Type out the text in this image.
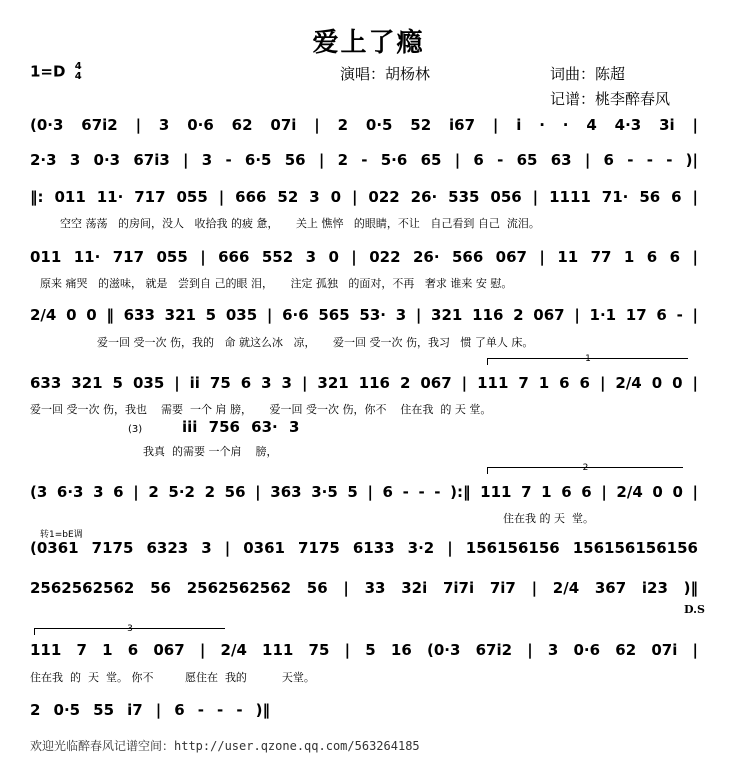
爱上了瘾
1=D 4
4	演唱：胡杨林	词曲：陈超
记谱：桃李醉春风
(0·3 67i2 | 3 0·6 62 07i | 2 0·5 52 i67 | i · · 4 4·3 3i |
2·3 3 0·3 67i3 | 3 - 6·5 56 | 2 - 5·6 65 | 6 - 65 63 | 6 - - - )|
‖: 011 11· 717 055 | 666 52 3 0 | 022 26· 535 056 | 1111 71· 56 6 |
空空 荡荡   的房间，没人   收拾我 的疲 惫，     关上 憔悴   的眼睛，不让   自己看到 自己  流泪。
011 11· 717 055 | 666 552 3 0 | 022 26· 566 067 | 11 77 1 6 6 |
原来 痛哭   的滋味， 就是   尝到自 己的眼 泪，     注定 孤独   的面对，不再   奢求 谁来 安 慰。
2/4 0 0 ‖ 633 321 5 035 | 6·6 565 53· 3 | 321 116 2 067 | 1·1 17 6 - |
爱一回 受一次 伤，我的   命 就这么冰   凉，     爱一回 受一次 伤，我习   惯 了单人 床。
1
633 321 5 035 | ii 75 6 3 3 | 321 116 2 067 | 111 7 1 6 6 | 2/4 0 0 |
爱一回 受一次 伤，我也    需要  一个 肩 膀，     爱一回 受一次 伤，你不    住在我  的 天 堂。
(3)	iii 756 63· 3
我真  的需要 一个肩    膀，
2
(3 6·3 3 6 | 2 5·2 2 56 | 363 3·5 5 | 6 - - - ):‖ 111 7 1 6 6 | 2/4 0 0 |
住在我 的 天  堂。
转1=bE调
(0361 7175 6323 3 | 0361 7175 6133 3·2 | 156156156 156156156156
2562562562 56 2562562562 56 | 33 32i 7i7i 7i7 | 2/4 367 i23 )‖
D.S
3
111 7 1 6 067 | 2/4 111 75 | 5 16 (0·3 67i2 | 3 0·6 62 07i |
住在我  的  天  堂。 你不         愿住在  我的          天堂。
2 0·5 55 i7 | 6 - - - )‖
欢迎光临醉春风记谱空间：http://user.qzone.qq.com/563264185
